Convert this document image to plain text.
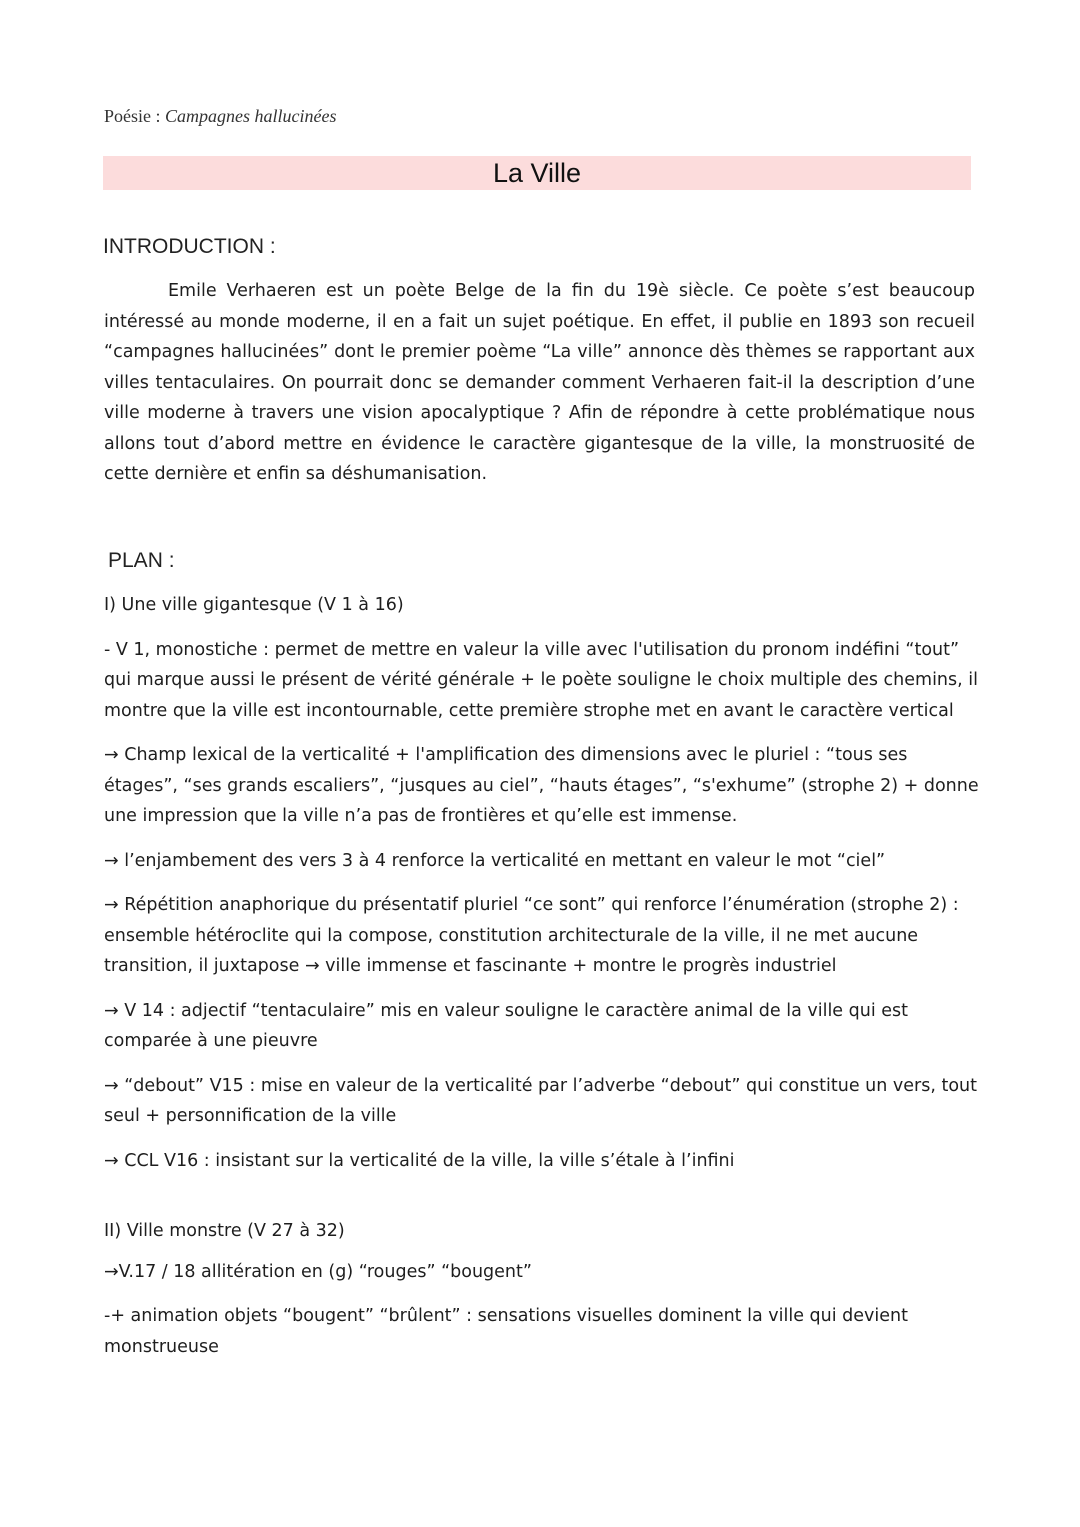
Poésie : Campagnes hallucinées
La Ville
INTRODUCTION :

Emile Verhaeren est un poète Belge de la fin du 19è siècle. Ce poète s’est beaucoup intéressé au monde moderne, il en a fait un sujet poétique. En effet, il publie en 1893 son recueil “campagnes hallucinées” dont le premier poème “La ville” annonce dès thèmes se rapportant aux villes tentaculaires. On pourrait donc se demander comment Verhaeren fait-il la description d’une ville moderne à travers une vision apocalyptique ? Afin de répondre à cette problématique nous allons tout d’abord mettre en évidence le caractère gigantesque de la ville, la monstruosité de cette dernière et enfin sa déshumanisation.

PLAN :

I) Une ville gigantesque (V 1 à 16)

- V 1, monostiche : permet de mettre en valeur la ville avec l'utilisation du pronom indéfini “tout” qui marque aussi le présent de vérité générale + le poète souligne le choix multiple des chemins, il montre que la ville est incontournable, cette première strophe met en avant le caractère vertical

→ Champ lexical de la verticalité + l'amplification des dimensions avec le pluriel : “tous ses étages”, “ses grands escaliers”, “jusques au ciel”, “hauts étages”, “s'exhume” (strophe 2) + donne une impression que la ville n’a pas de frontières et qu’elle est immense.

→ l’enjambement des vers 3 à 4 renforce la verticalité en mettant en valeur le mot “ciel”

→ Répétition anaphorique du présentatif pluriel “ce sont” qui renforce l’énumération (strophe 2) : ensemble hétéroclite qui la compose, constitution architecturale de la ville, il ne met aucune transition, il juxtapose → ville immense et fascinante + montre le progrès industriel

→ V 14 : adjectif “tentaculaire” mis en valeur souligne le caractère animal de la ville qui est comparée à une pieuvre

→ “debout” V15 : mise en valeur de la verticalité par l’adverbe “debout” qui constitue un vers, tout seul + personnification de la ville

→ CCL V16 : insistant sur la verticalité de la ville, la ville s’étale à l’infini

II) Ville monstre (V 27 à 32)

→V.17 / 18 allitération en (g) “rouges” “bougent”

-+ animation objets “bougent” “brûlent” : sensations visuelles dominent la ville qui devient monstrueuse
